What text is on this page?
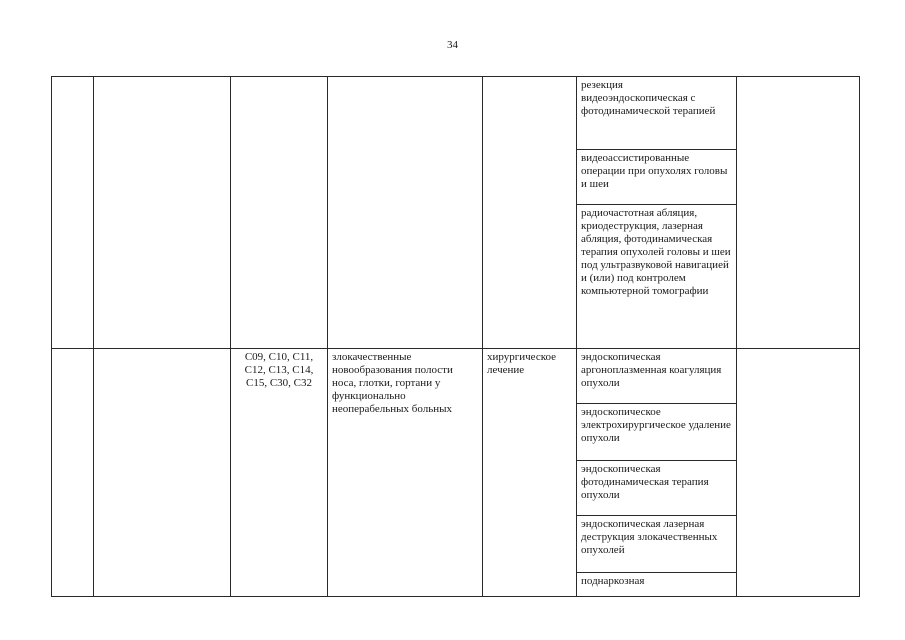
34

					резекция видеоэндоскопическая с фотодинамической терапией	

					видеоассистированные операции при опухолях головы и шеи	

					радиочастотная абляция, криодеструкция, лазерная абляция, фотодинамическая терапия опухолей головы и шеи под ультразвуковой навигацией и (или) под контролем компьютерной томографии	

		C09, C10, C11, C12, C13, C14, C15, C30, C32	злокачественные новообразования полости носа, глотки, гортани у функционально неоперабельных больных	хирургическое лечение	эндоскопическая аргоноплазменная коагуляция опухоли	

					эндоскопическое электрохирургическое удаление опухоли	

					эндоскопическая фотодинамическая терапия опухоли	

					эндоскопическая лазерная деструкция злокачественных опухолей	

					поднаркозная	
